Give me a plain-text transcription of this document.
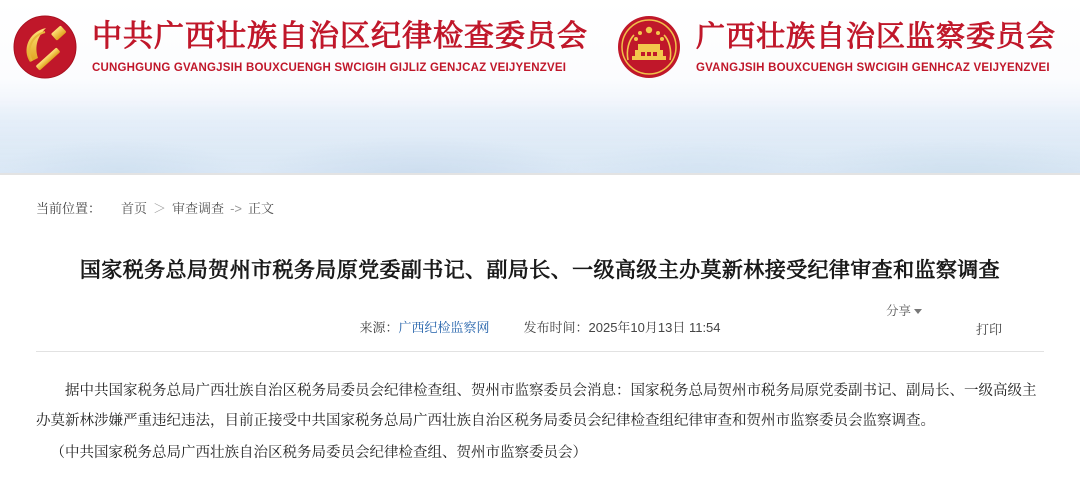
中共广西壮族自治区纪律检查委员会
CUNGHGUNG GVANGJSIH BOUXCUENGH SWCIGIH GIJLIZ GENJCAZ VEIJYENZVEI
广西壮族自治区监察委员会
GVANGJSIH BOUXCUENGH SWCIGIH GENHCAZ VEIJYENZVEI
当前位置： 首页 ＞ 审查调查 -> 正文
国家税务总局贺州市税务局原党委副书记、副局长、一级高级主办莫新林接受纪律审查和监察调查
来源：广西纪检监察网	发布时间：2025年10月13日 11:54
分享
打印

据中共国家税务总局广西壮族自治区税务局委员会纪律检查组、贺州市监察委员会消息：国家税务总局贺州市税务局原党委副书记、副局长、一级高级主办莫新林涉嫌严重违纪违法，目前正接受中共国家税务总局广西壮族自治区税务局委员会纪律检查组纪律审查和贺州市监察委员会监察调查。

（中共国家税务总局广西壮族自治区税务局委员会纪律检查组、贺州市监察委员会）
